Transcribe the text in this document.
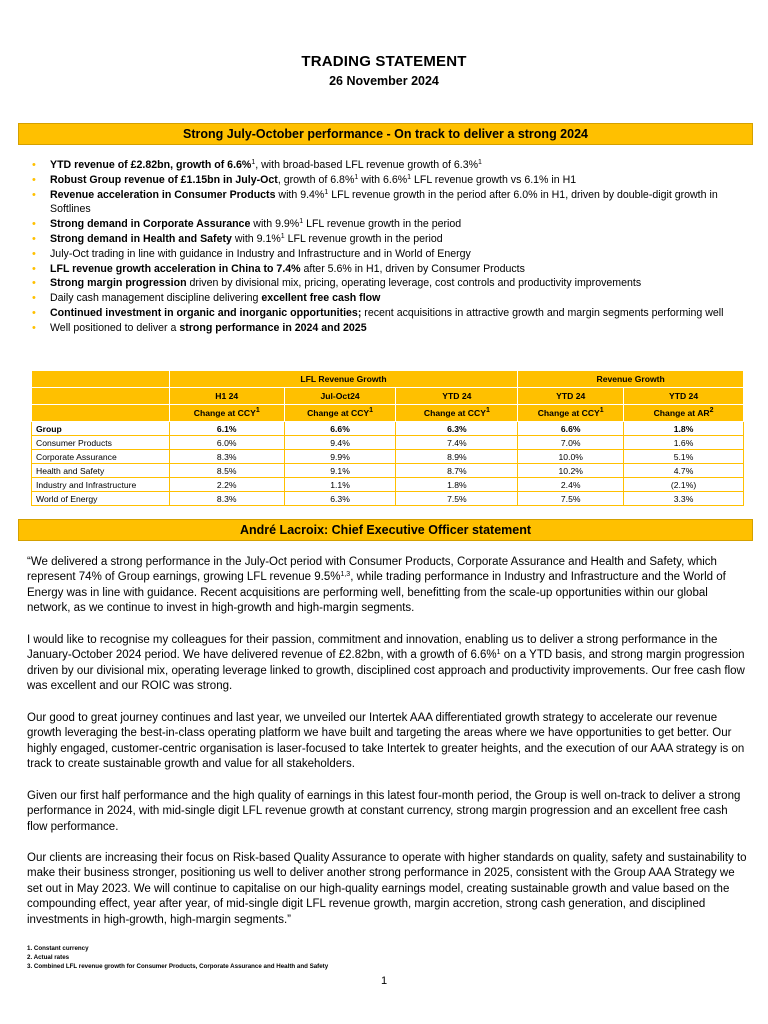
TRADING STATEMENT
26 November 2024
Strong July-October performance - On track to deliver a strong 2024
• YTD revenue of £2.82bn, growth of 6.6%$^1$, with broad-based LFL revenue growth of 6.3%$^1$
• Robust Group revenue of £1.15bn in July-Oct, growth of 6.8%$^1$ with 6.6%$^1$ LFL revenue growth vs 6.1% in H1
• Revenue acceleration in Consumer Products with 9.4%$^1$ LFL revenue growth in the period after 6.0% in H1, driven by double-digit growth in Softlines
• Strong demand in Corporate Assurance with 9.9%$^1$ LFL revenue growth in the period
• Strong demand in Health and Safety with 9.1%$^1$ LFL revenue growth in the period
• July-Oct trading in line with guidance in Industry and Infrastructure and in World of Energy
• LFL revenue growth acceleration in China to 7.4% after 5.6% in H1, driven by Consumer Products
• Strong margin progression driven by divisional mix, pricing, operating leverage, cost controls and productivity improvements
• Daily cash management discipline delivering excellent free cash flow
• Continued investment in organic and inorganic opportunities; recent acquisitions in attractive growth and margin segments performing well
• Well positioned to deliver a strong performance in 2024 and 2025
	LFL Revenue Growth			Revenue Growth	
	H1 24	Jul-Oct24	YTD 24	YTD 24	YTD 24
	Change at CCY$^1$	Change at CCY$^1$	Change at CCY$^1$	Change at CCY$^1$	Change at $AR^2$
Group	6.1%	6.6%	6.3%	6.6%	1.8%
Consumer Products	6.0%	9.4%	7.4%	7.0%	1.6%
Corporate Assurance	8.3%	9.9%	8.9%	10.0%	5.1%
Health and Safety	8.5%	9.1%	8.7%	10.2%	4.7%
Industry and Infrastructure	2.2%	1.1%	1.8%	2.4%	(2.1%)
World of Energy	8.3%	6.3%	7.5%	7.5%	3.3%
André Lacroix: Chief Executive Officer statement

“We delivered a strong performance in the July-Oct period with Consumer Products, Corporate Assurance and Health and Safety, which represent 74% of Group earnings, growing LFL revenue 9.5%$^{1,3}$, while trading performance in Industry and Infrastructure and the World of Energy was in line with guidance. Recent acquisitions are performing well, benefitting from the scale-up opportunities within our global network, as we continue to invest in high-growth and high-margin segments.

I would like to recognise my colleagues for their passion, commitment and innovation, enabling us to deliver a strong performance in the January-October 2024 period. We have delivered revenue of £2.82bn, with a growth of 6.6%$^1$ on a YTD basis, and strong margin progression driven by our divisional mix, operating leverage linked to growth, disciplined cost approach and productivity improvements. Our free cash flow was excellent and our ROIC was strong.

Our good to great journey continues and last year, we unveiled our Intertek AAA differentiated growth strategy to accelerate our revenue growth leveraging the best-in-class operating platform we have built and targeting the areas where we have opportunities to get better. Our highly engaged, customer-centric organisation is laser-focused to take Intertek to greater heights, and the execution of our AAA strategy is on track to create sustainable growth and value for all stakeholders.

Given our first half performance and the high quality of earnings in this latest four-month period, the Group is well on-track to deliver a strong performance in 2024, with mid-single digit LFL revenue growth at constant currency, strong margin progression and an excellent free cash flow performance.

Our clients are increasing their focus on Risk-based Quality Assurance to operate with higher standards on quality, safety and sustainability to make their business stronger, positioning us well to deliver another strong performance in 2025, consistent with the Group AAA Strategy we set out in May 2023. We will continue to capitalise on our high-quality earnings model, creating sustainable growth and value based on the compounding effect, year after year, of mid-single digit LFL revenue growth, margin accretion, strong cash generation, and disciplined investments in high-growth, high-margin segments.”

1. Constant currency
2. Actual rates
3. Combined LFL revenue growth for Consumer Products, Corporate Assurance and Health and Safety
1
